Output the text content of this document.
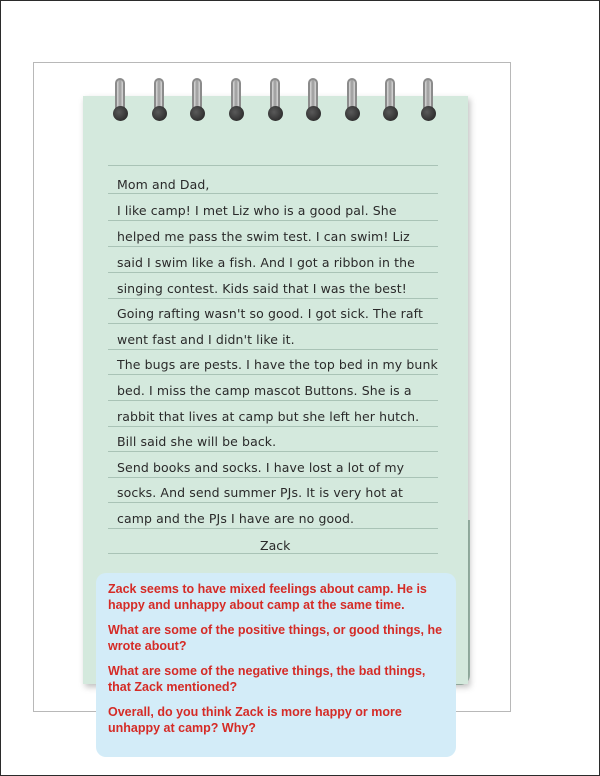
Mom and Dad,
I like camp! I met Liz who is a good pal. She
helped me pass the swim test. I can swim! Liz
said I swim like a fish. And I got a ribbon in the
singing contest. Kids said that I was the best!
Going rafting wasn't so good. I got sick. The raft
went fast and I didn't like it.
The bugs are pests. I have the top bed in my bunk
bed. I miss the camp mascot Buttons. She is a
rabbit that lives at camp but she left her hutch.
Bill said she will be back.
Send books and socks. I have lost a lot of my
socks. And send summer PJs. It is very hot at
camp and the PJs I have are no good.
Zack

Zack seems to have mixed feelings about camp. He is happy and unhappy about camp at the same time.

What are some of the positive things, or good things, he wrote about?

What are some of the negative things, the bad things, that Zack mentioned?

Overall, do you think Zack is more happy or more unhappy at camp? Why?
